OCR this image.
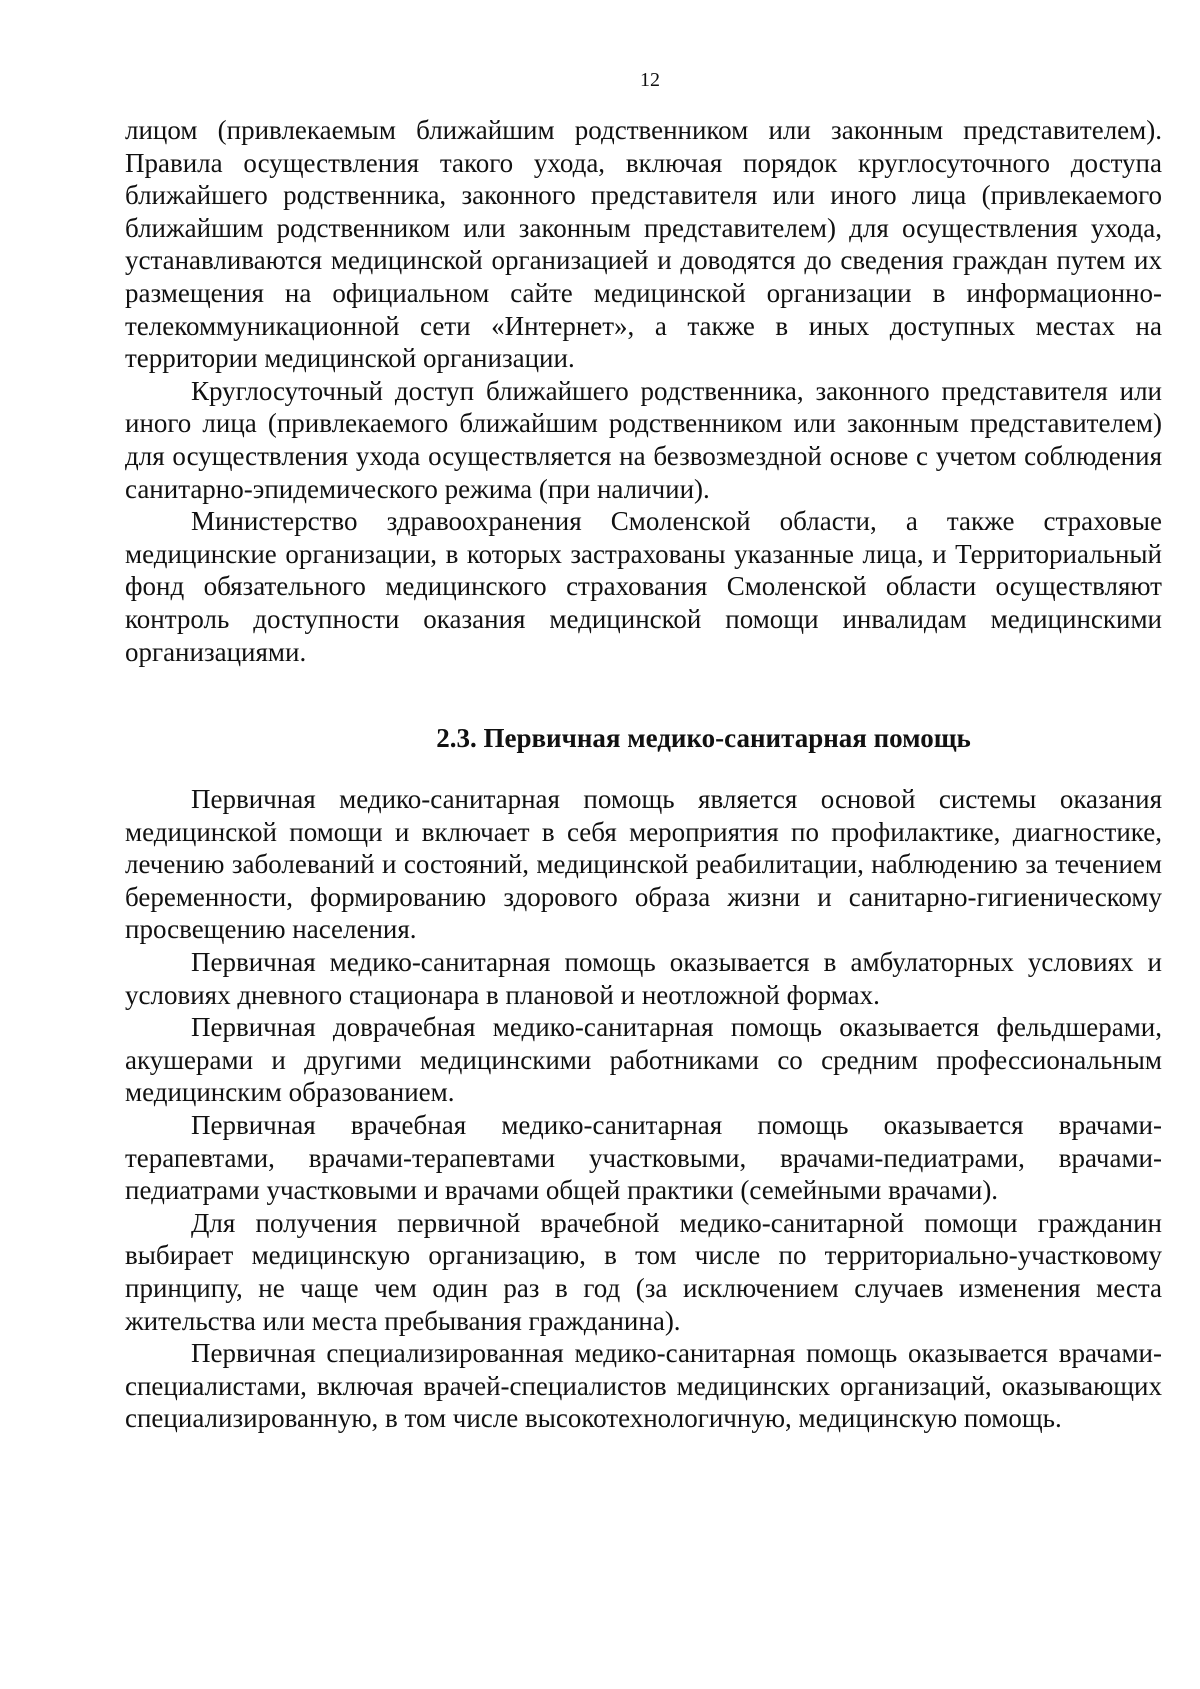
12

лицом (привлекаемым ближайшим родственником или законным представителем). Правила осуществления такого ухода, включая порядок круглосуточного доступа ближайшего родственника, законного представителя или иного лица (привлекаемого ближайшим родственником или законным представителем) для осуществления ухода, устанавливаются медицинской организацией и доводятся до сведения граждан путем их размещения на официальном сайте медицинской организации в информационно-телекоммуникационной сети «Интернет», а также в иных доступных местах на территории медицинской организации.

Круглосуточный доступ ближайшего родственника, законного представителя или иного лица (привлекаемого ближайшим родственником или законным представителем) для осуществления ухода осуществляется на безвозмездной основе с учетом соблюдения санитарно-эпидемического режима (при наличии).

Министерство здравоохранения Смоленской области, а также страховые медицинские организации, в которых застрахованы указанные лица, и Территориальный фонд обязательного медицинского страхования Смоленской области осуществляют контроль доступности оказания медицинской помощи инвалидам медицинскими организациями.

2.3. Первичная медико-санитарная помощь

Первичная медико-санитарная помощь является основой системы оказания медицинской помощи и включает в себя мероприятия по профилактике, диагностике, лечению заболеваний и состояний, медицинской реабилитации, наблюдению за течением беременности, формированию здорового образа жизни и санитарно-гигиеническому просвещению населения.

Первичная медико-санитарная помощь оказывается в амбулаторных условиях и условиях дневного стационара в плановой и неотложной формах.

Первичная доврачебная медико-санитарная помощь оказывается фельдшерами, акушерами и другими медицинскими работниками со средним профессиональным медицинским образованием.

Первичная врачебная медико-санитарная помощь оказывается врачами-терапевтами, врачами-терапевтами участковыми, врачами-педиатрами, врачами-педиатрами участковыми и врачами общей практики (семейными врачами).

Для получения первичной врачебной медико-санитарной помощи гражданин выбирает медицинскую организацию, в том числе по территориально-участковому принципу, не чаще чем один раз в год (за исключением случаев изменения места жительства или места пребывания гражданина).

Первичная специализированная медико-санитарная помощь оказывается врачами-специалистами, включая врачей-специалистов медицинских организаций, оказывающих специализированную, в том числе высокотехнологичную, медицинскую помощь.
